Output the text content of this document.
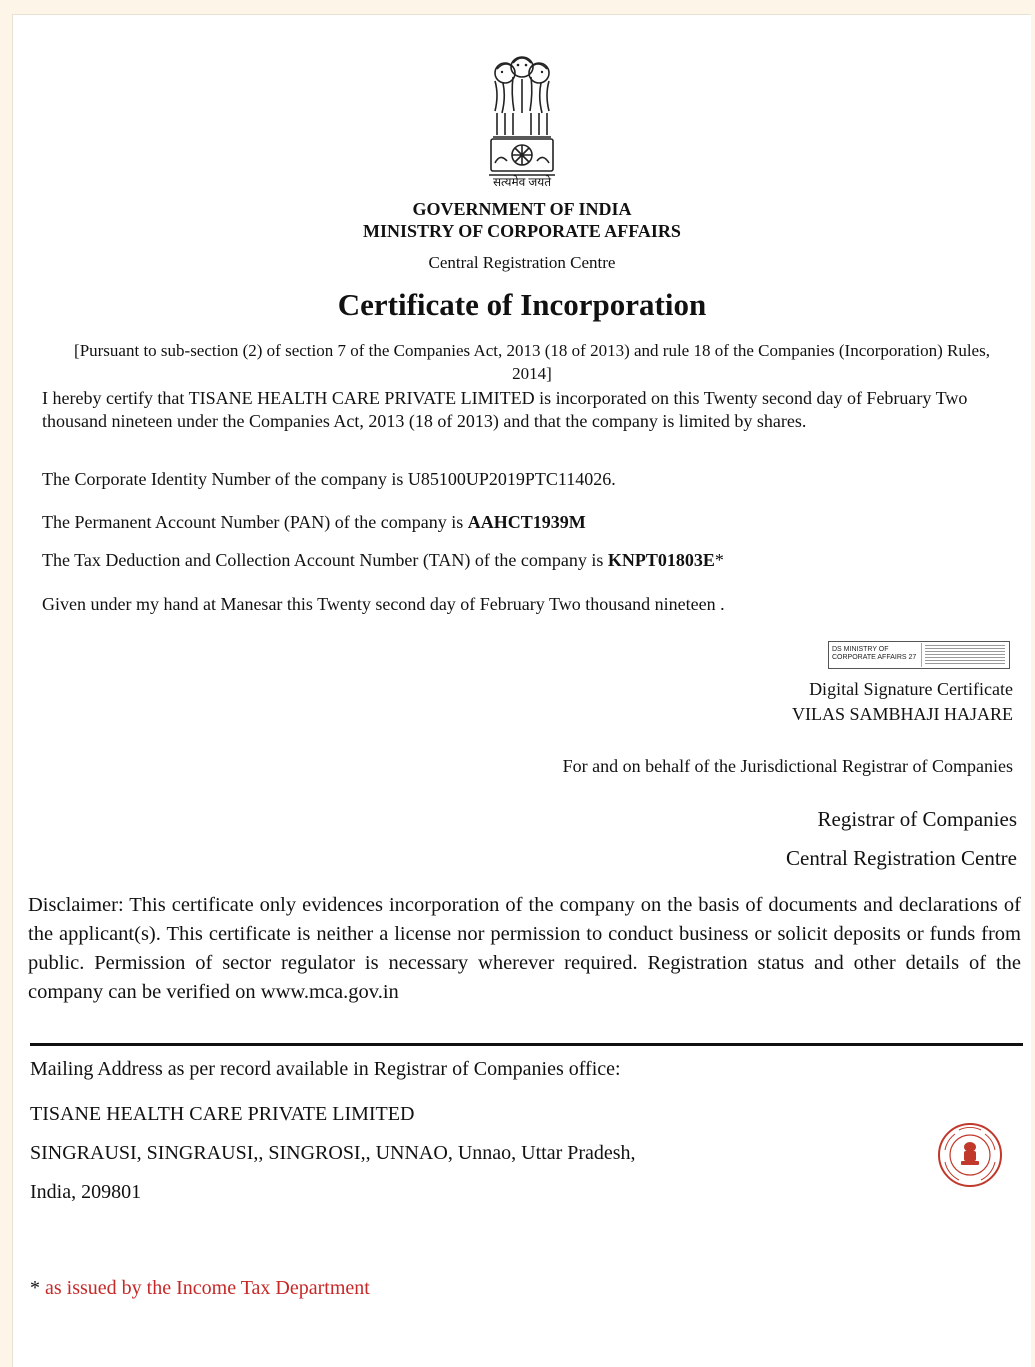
सत्यमेव जयते
GOVERNMENT OF INDIA
MINISTRY OF CORPORATE AFFAIRS
Central Registration Centre
Certificate of Incorporation
[Pursuant to sub-section (2) of section 7 of the Companies Act, 2013 (18 of 2013) and rule 18 of the Companies (Incorporation) Rules, 2014]

I hereby certify that TISANE HEALTH CARE PRIVATE LIMITED is incorporated on this Twenty second day of February Two thousand nineteen under the Companies Act, 2013 (18 of 2013) and that the company is limited by shares.

The Corporate Identity Number of the company is U85100UP2019PTC114026.
The Permanent Account Number (PAN) of the company is AAHCT1939M
The Tax Deduction and Collection Account Number (TAN) of the company is KNPT01803E*
Given under my hand at Manesar this Twenty second day of February Two thousand nineteen .
DS MINISTRY OF
CORPORATE AFFAIRS 27
Digital Signature Certificate
VILAS SAMBHAJI HAJARE
For and on behalf of the Jurisdictional Registrar of Companies
Registrar of Companies
Central Registration Centre

Disclaimer: This certificate only evidences incorporation of the company on the basis of documents and declarations of the applicant(s). This certificate is neither a license nor permission to conduct business or solicit deposits or funds from public. Permission of sector regulator is necessary wherever required. Registration status and other details of the company can be verified on www.mca.gov.in

Mailing Address as per record available in Registrar of Companies office:
TISANE HEALTH CARE PRIVATE LIMITED
SINGRAUSI, SINGRAUSI,, SINGROSI,, UNNAO, Unnao, Uttar Pradesh,
India, 209801
* as issued by the Income Tax Department
